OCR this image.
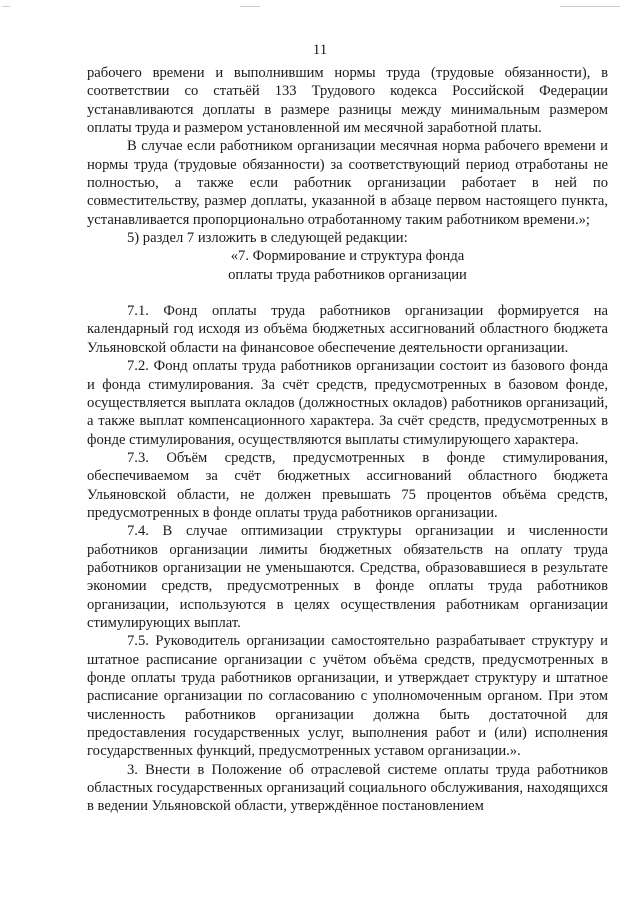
11

рабочего времени и выполнившим нормы труда (трудовые обязанности), в соответствии со статьёй 133 Трудового кодекса Российской Федерации устанавливаются доплаты в размере разницы между минимальным размером оплаты труда и размером установленной им месячной заработной платы.

В случае если работником организации месячная норма рабочего времени и нормы труда (трудовые обязанности) за соответствующий период отработаны не полностью, а также если работник организации работает в ней по совместительству, размер доплаты, указанной в абзаце первом настоящего пункта, устанавливается пропорционально отработанному таким работником времени.»;

5) раздел 7 изложить в следующей редакции:

«7. Формирование и структура фонда

оплаты труда работников организации

7.1. Фонд оплаты труда работников организации формируется на календарный год исходя из объёма бюджетных ассигнований областного бюджета Ульяновской области на финансовое обеспечение деятельности организации.

7.2. Фонд оплаты труда работников организации состоит из базового фонда и фонда стимулирования. За счёт средств, предусмотренных в базовом фонде, осуществляется выплата окладов (должностных окладов) работников организаций, а также выплат компенсационного характера. За счёт средств, предусмотренных в фонде стимулирования, осуществляются выплаты стимулирующего характера.

7.3. Объём средств, предусмотренных в фонде стимулирования, обеспечиваемом за счёт бюджетных ассигнований областного бюджета Ульяновской области, не должен превышать 75 процентов объёма средств, предусмотренных в фонде оплаты труда работников организации.

7.4. В случае оптимизации структуры организации и численности работников организации лимиты бюджетных обязательств на оплату труда работников организации не уменьшаются. Средства, образовавшиеся в результате экономии средств, предусмотренных в фонде оплаты труда работников организации, используются в целях осуществления работникам организации стимулирующих выплат.

7.5. Руководитель организации самостоятельно разрабатывает структуру и штатное расписание организации с учётом объёма средств, предусмотренных в фонде оплаты труда работников организации, и утверждает структуру и штатное расписание организации по согласованию с уполномоченным органом. При этом численность работников организации должна быть достаточной для предоставления государственных услуг, выполнения работ и (или) исполнения государственных функций, предусмотренных уставом организации.».

3. Внести в Положение об отраслевой системе оплаты труда работников областных государственных организаций социального обслуживания, находящихся в ведении Ульяновской области, утверждённое постановлением
